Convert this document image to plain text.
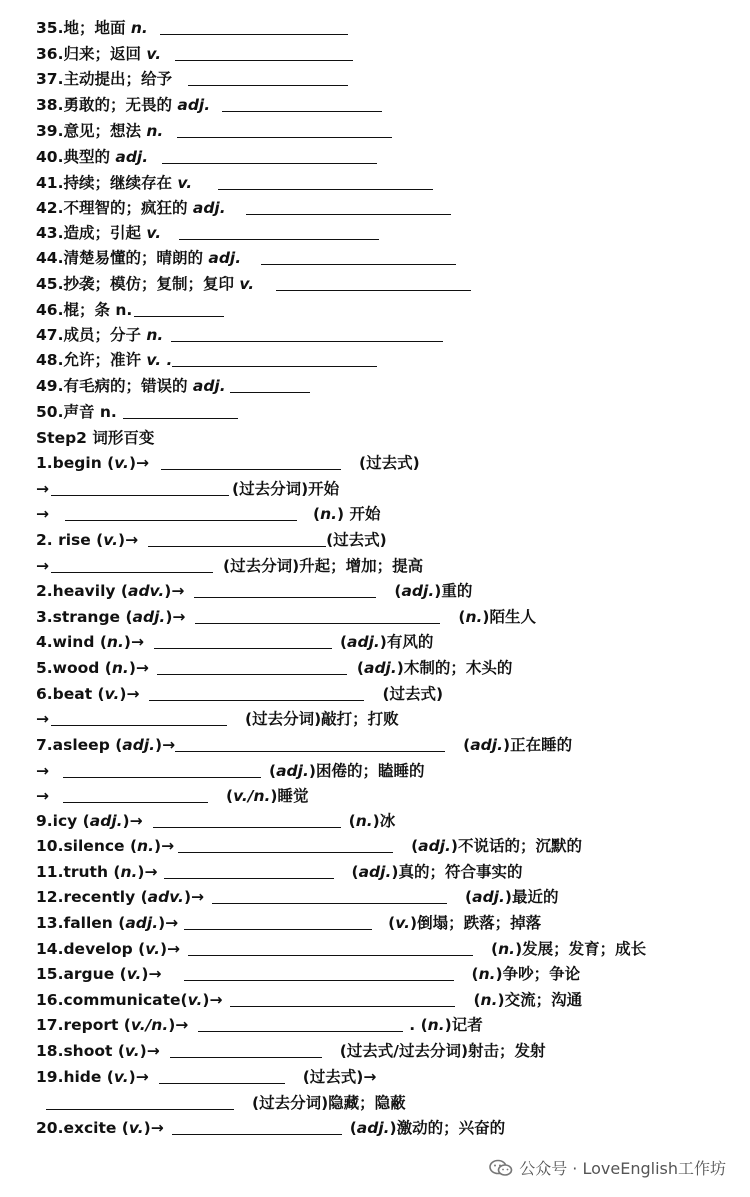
35.地；地面
n.
36.归来；返回
v.
37.主动提出；给予
38.勇敢的；无畏的
adj.
39.意见；想法
n.
40.典型的
adj.
41.持续；继续存在
v.
42.不理智的；疯狂的
adj.
43.造成；引起
v.
44.清楚易懂的；晴朗的
adj.
45.抄袭；模仿；复制；复印
v.
46.棍；条 n.
47.成员；分子
n.
48.允许；准许
v. .
49.有毛病的；错误的
adj.
50.声音 n.
Step2 词形百变
1.begin ( v. )→	(过去式)
→	(过去分词)开始
→	( n. ) 开始
2. rise ( v. )→	(过去式)
→	(过去分词)升起；增加；提高
2.heavily ( adv. )→	( adj. )重的
3.strange ( adj. )→	( n. )陌生人
4.wind ( n. )→	( adj. )有风的
5.wood ( n. )→	( adj. )木制的；木头的
6.beat ( v. )→	(过去式)
→	(过去分词)敲打；打败
7.asleep ( adj. )→	( adj. )正在睡的
→	( adj. )困倦的；瞌睡的
→	( v./n. )睡觉
9.icy ( adj. )→	( n. )冰
10.silence ( n. )→	( adj. )不说话的；沉默的
11.truth ( n. )→	( adj. )真的；符合事实的
12.recently ( adv. )→	( adj. )最近的
13.fallen ( adj. )→	( v. )倒塌；跌落；掉落
14.develop ( v. )→	( n. )发展；发育；成长
15.argue ( v. )→	( n. )争吵；争论
16.communicate( v. )→	( n. )交流；沟通
17.report ( v./n. )→	. ( n. )记者
18.shoot ( v. )→	(过去式/过去分词)射击；发射
19.hide ( v. )→	(过去式)→
(过去分词)隐藏；隐蔽
20.excite ( v. )→	( adj. )激动的；兴奋的
公众号 · LoveEnglish工作坊
